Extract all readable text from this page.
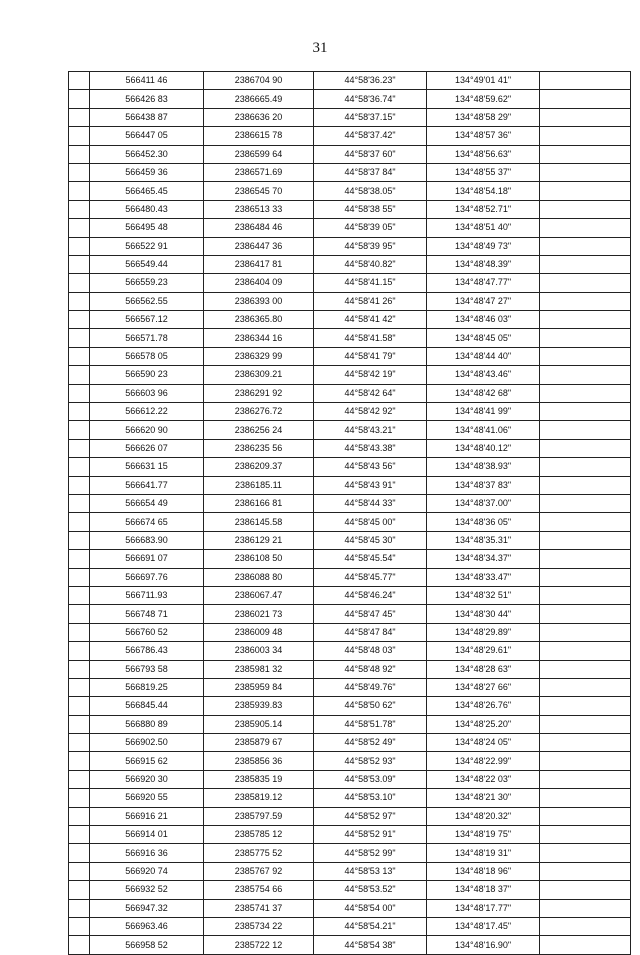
31
	566411 46	2386704 90	44°58'36.23"	134°49'01 41"	
	566426 83	2386665.49	44°58'36.74"	134°48'59.62"	
	566438 87	2386636 20	44°58'37.15"	134°48'58 29"	
	566447 05	2386615 78	44°58'37.42"	134°48'57 36"	
	566452.30	2386599 64	44°58'37 60"	134°48'56.63"	
	566459 36	2386571.69	44°58'37 84"	134°48'55 37"	
	566465.45	2386545 70	44°58'38.05"	134°48'54.18"	
	566480.43	2386513 33	44°58'38 55"	134°48'52.71"	
	566495 48	2386484 46	44°58'39 05"	134°48'51 40"	
	566522 91	2386447 36	44°58'39 95"	134°48'49 73"	
	566549.44	2386417 81	44°58'40.82"	134°48'48.39"	
	566559.23	2386404 09	44°58'41.15"	134°48'47.77"	
	566562.55	2386393 00	44°58'41 26"	134°48'47 27"	
	566567.12	2386365.80	44°58'41 42"	134°48'46 03"	
	566571.78	2386344 16	44°58'41.58"	134°48'45 05"	
	566578 05	2386329 99	44°58'41 79"	134°48'44 40"	
	566590 23	2386309.21	44°58'42 19"	134°48'43.46"	
	566603 96	2386291 92	44°58'42 64"	134°48'42 68"	
	566612.22	2386276.72	44°58'42 92"	134°48'41 99"	
	566620 90	2386256 24	44°58'43.21"	134°48'41.06"	
	566626 07	2386235 56	44°58'43.38"	134°48'40.12"	
	566631 15	2386209.37	44°58'43 56"	134°48'38.93"	
	566641.77	2386185.11	44°58'43 91"	134°48'37 83"	
	566654 49	2386166 81	44°58'44 33"	134°48'37.00"	
	566674 65	2386145.58	44°58'45 00"	134°48'36 05"	
	566683.90	2386129 21	44°58'45 30"	134°48'35.31"	
	566691 07	2386108 50	44°58'45.54"	134°48'34.37"	
	566697.76	2386088 80	44°58'45.77"	134°48'33.47"	
	566711.93	2386067.47	44°58'46.24"	134°48'32 51"	
	566748 71	2386021 73	44°58'47 45"	134°48'30 44"	
	566760 52	2386009 48	44°58'47 84"	134°48'29.89"	
	566786.43	2386003 34	44°58'48 03"	134°48'29.61"	
	566793 58	2385981 32	44°58'48 92"	134°48'28 63"	
	566819.25	2385959 84	44°58'49.76"	134°48'27 66"	
	566845.44	2385939.83	44°58'50 62"	134°48'26.76"	
	566880 89	2385905.14	44°58'51.78"	134°48'25.20"	
	566902.50	2385879 67	44°58'52 49"	134°48'24 05"	
	566915 62	2385856 36	44°58'52 93"	134°48'22.99"	
	566920 30	2385835 19	44°58'53.09"	134°48'22 03"	
	566920 55	2385819.12	44°58'53.10"	134°48'21 30"	
	566916 21	2385797.59	44°58'52 97"	134°48'20.32"	
	566914 01	2385785 12	44°58'52 91"	134°48'19 75"	
	566916 36	2385775 52	44°58'52 99"	134°48'19 31"	
	566920 74	2385767 92	44°58'53 13"	134°48'18 96"	
	566932 52	2385754 66	44°58'53.52"	134°48'18 37"	
	566947.32	2385741 37	44°58'54 00"	134°48'17.77"	
	566963.46	2385734 22	44°58'54.21"	134°48'17.45"	
	566958 52	2385722 12	44°58'54 38"	134°48'16.90"	
